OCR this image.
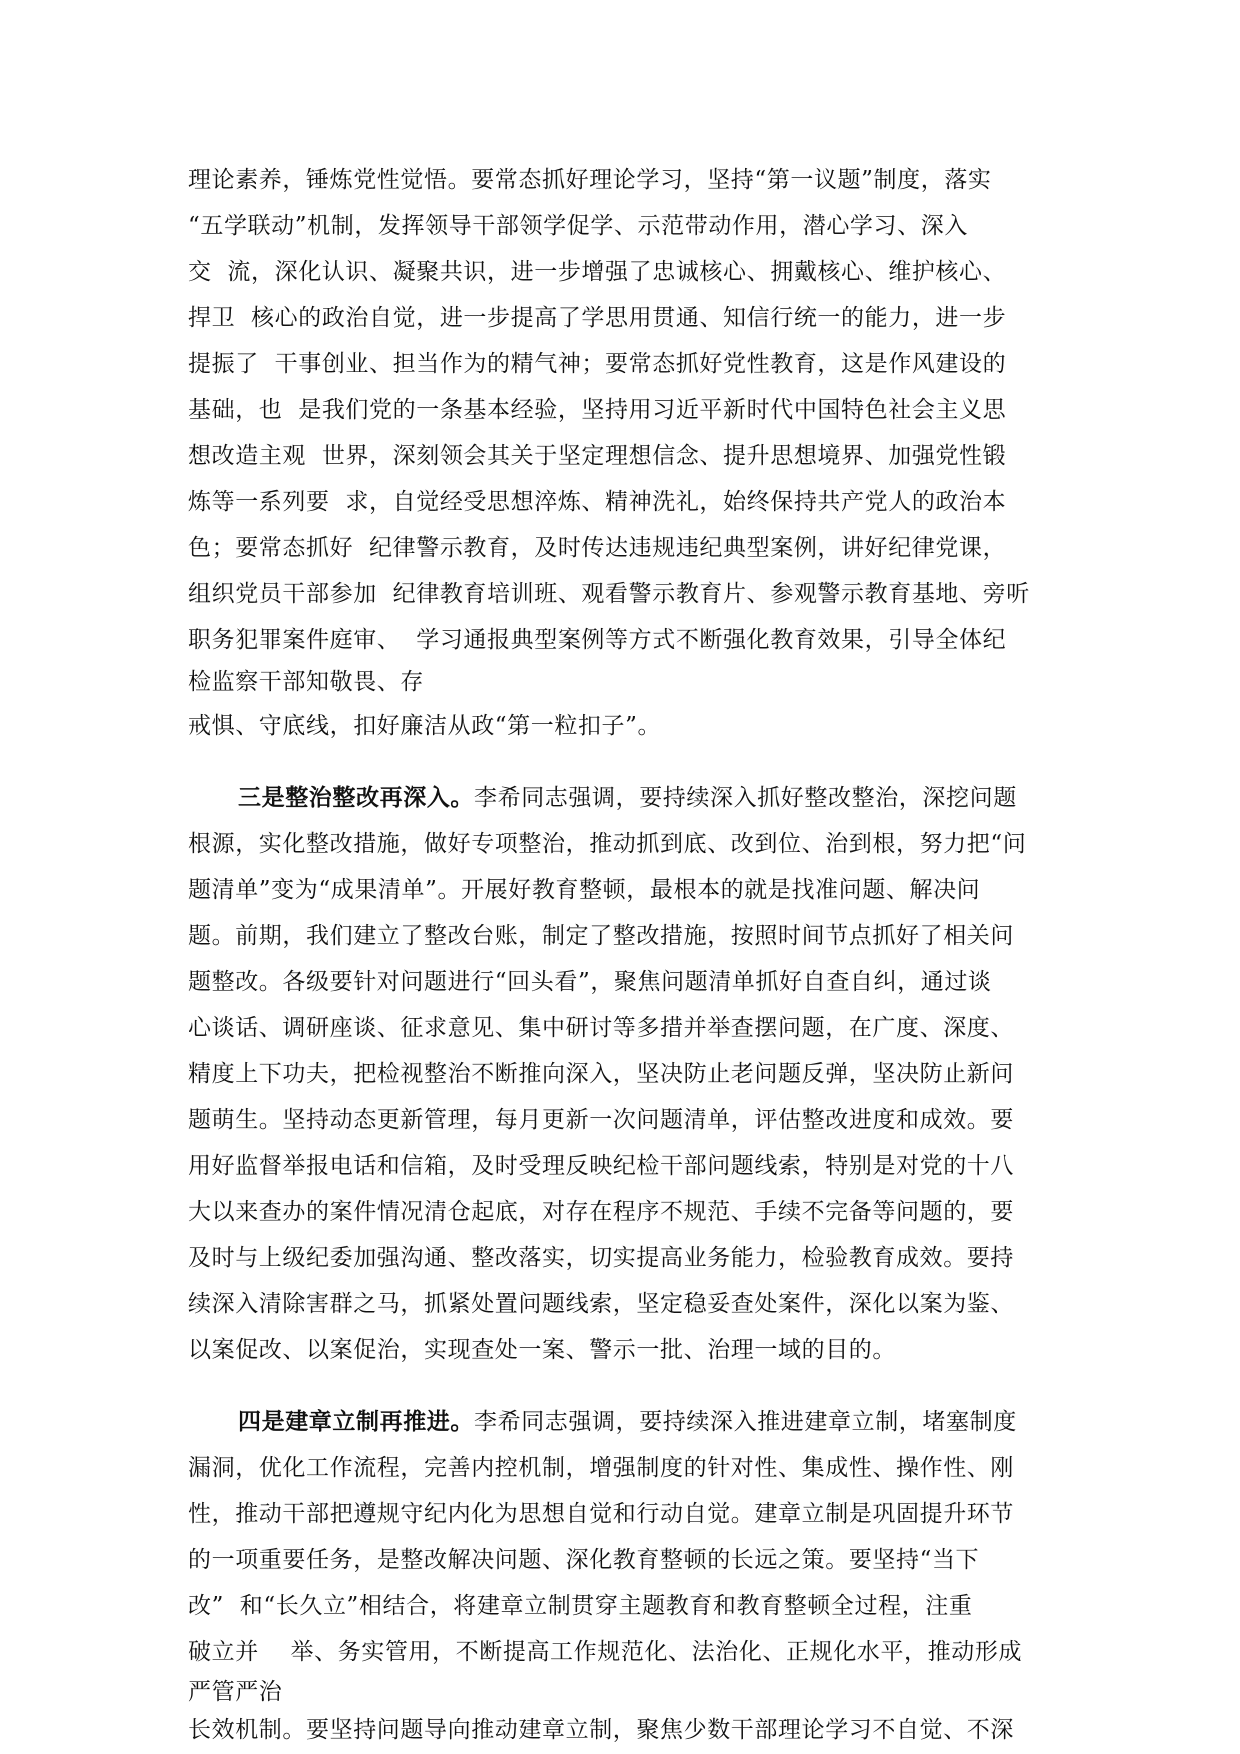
理论素养，锤炼党性觉悟。要常态抓好理论学习，坚持“第一议题”制度，落实
“五学联动”机制，发挥领导干部领学促学、示范带动作用，潜心学习、深入
交  流，深化认识、凝聚共识，进一步增强了忠诚核心、拥戴核心、维护核心、
捍卫  核心的政治自觉，进一步提高了学思用贯通、知信行统一的能力，进一步
提振了  干事创业、担当作为的精气神；要常态抓好党性教育，这是作风建设的
基础，也  是我们党的一条基本经验，坚持用习近平新时代中国特色社会主义思
想改造主观  世界，深刻领会其关于坚定理想信念、提升思想境界、加强党性锻
炼等一系列要  求，自觉经受思想淬炼、精神洗礼，始终保持共产党人的政治本
色；要常态抓好  纪律警示教育，及时传达违规违纪典型案例，讲好纪律党课，
组织党员干部参加  纪律教育培训班、观看警示教育片、参观警示教育基地、旁听
职务犯罪案件庭审、  学习通报典型案例等方式不断强化教育效果，引导全体纪
检监察干部知敬畏、存
戒惧、守底线，扣好廉洁从政“第一粒扣子”。
三是整治整改再深入。李希同志强调，要持续深入抓好整改整治，深挖问题
根源，实化整改措施，做好专项整治，推动抓到底、改到位、治到根，努力把“问
题清单”变为“成果清单”。开展好教育整顿，最根本的就是找准问题、解决问
题。前期，我们建立了整改台账，制定了整改措施，按照时间节点抓好了相关问
题整改。各级要针对问题进行“回头看”，聚焦问题清单抓好自查自纠，通过谈
心谈话、调研座谈、征求意见、集中研讨等多措并举查摆问题，在广度、深度、
精度上下功夫，把检视整治不断推向深入，坚决防止老问题反弹，坚决防止新问
题萌生。坚持动态更新管理，每月更新一次问题清单，评估整改进度和成效。要
用好监督举报电话和信箱，及时受理反映纪检干部问题线索，特别是对党的十八
大以来查办的案件情况清仓起底，对存在程序不规范、手续不完备等问题的，要
及时与上级纪委加强沟通、整改落实，切实提高业务能力，检验教育成效。要持
续深入清除害群之马，抓紧处置问题线索，坚定稳妥查处案件，深化以案为鉴、
以案促改、以案促治，实现查处一案、警示一批、治理一域的目的。
四是建章立制再推进。李希同志强调，要持续深入推进建章立制，堵塞制度
漏洞，优化工作流程，完善内控机制，增强制度的针对性、集成性、操作性、刚
性，推动干部把遵规守纪内化为思想自觉和行动自觉。建章立制是巩固提升环节
的一项重要任务，是整改解决问题、深化教育整顿的长远之策。要坚持“当下
改”  和“长久立”相结合，将建章立制贯穿主题教育和教育整顿全过程，注重
破立并    举、务实管用，不断提高工作规范化、法治化、正规化水平，推动形成
严管严治
长效机制。要坚持问题导向推动建章立制，聚焦少数干部理论学习不自觉、不深
